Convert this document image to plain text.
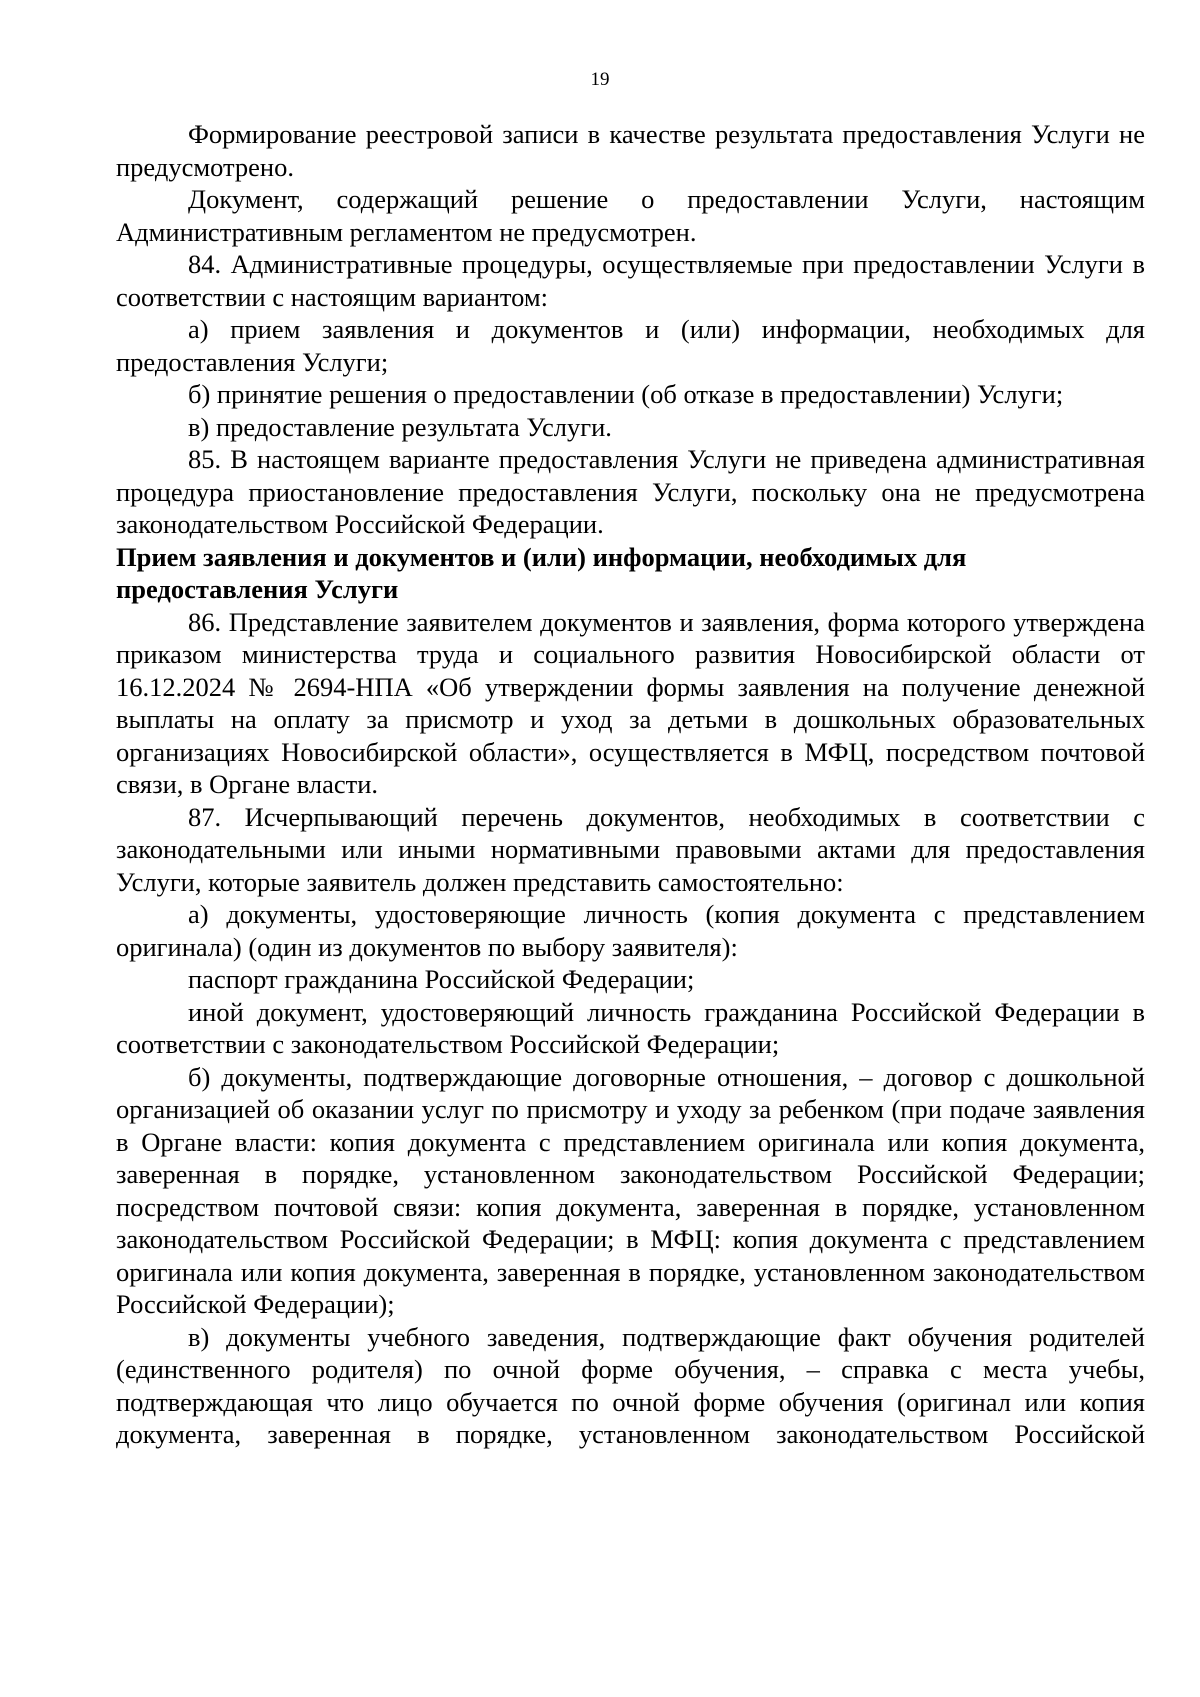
19

Формирование реестровой записи в качестве результата предоставления Услуги не предусмотрено.

Документ, содержащий решение о предоставлении Услуги, настоящим Административным регламентом не предусмотрен.

84. Административные процедуры, осуществляемые при предоставлении Услуги в соответствии с настоящим вариантом:

а) прием заявления и документов и (или) информации, необходимых для предоставления Услуги;

б) принятие решения о предоставлении (об отказе в предоставлении) Услуги;

в) предоставление результата Услуги.

85. В настоящем варианте предоставления Услуги не приведена административная процедура приостановление предоставления Услуги, поскольку она не предусмотрена законодательством Российской Федерации.

Прием заявления и документов и (или) информации, необходимых для
предоставления Услуги

86. Представление заявителем документов и заявления, форма которого утверждена приказом министерства труда и социального развития Новосибирской области от 16.12.2024 № 2694-НПА «Об утверждении формы заявления на получение денежной выплаты на оплату за присмотр и уход за детьми в дошкольных образовательных организациях Новосибирской области», осуществляется в МФЦ, посредством почтовой связи, в Органе власти.

87. Исчерпывающий перечень документов, необходимых в соответствии с законодательными или иными нормативными правовыми актами для предоставления Услуги, которые заявитель должен представить самостоятельно:

а) документы, удостоверяющие личность (копия документа с представлением оригинала) (один из документов по выбору заявителя):

паспорт гражданина Российской Федерации;

иной документ, удостоверяющий личность гражданина Российской Федерации в соответствии с законодательством Российской Федерации;

б) документы, подтверждающие договорные отношения, – договор с дошкольной организацией об оказании услуг по присмотру и уходу за ребенком (при подаче заявления в Органе власти: копия документа с представлением оригинала или копия документа, заверенная в порядке, установленном законодательством Российской Федерации; посредством почтовой связи: копия документа, заверенная в порядке, установленном законодательством Российской Федерации; в МФЦ: копия документа с представлением оригинала или копия документа, заверенная в порядке, установленном законодательством Российской Федерации);

в) документы учебного заведения, подтверждающие факт обучения родителей (единственного родителя) по очной форме обучения, – справка с места учебы, подтверждающая что лицо обучается по очной форме обучения (оригинал или копия документа, заверенная в порядке, установленном законодательством Российской
